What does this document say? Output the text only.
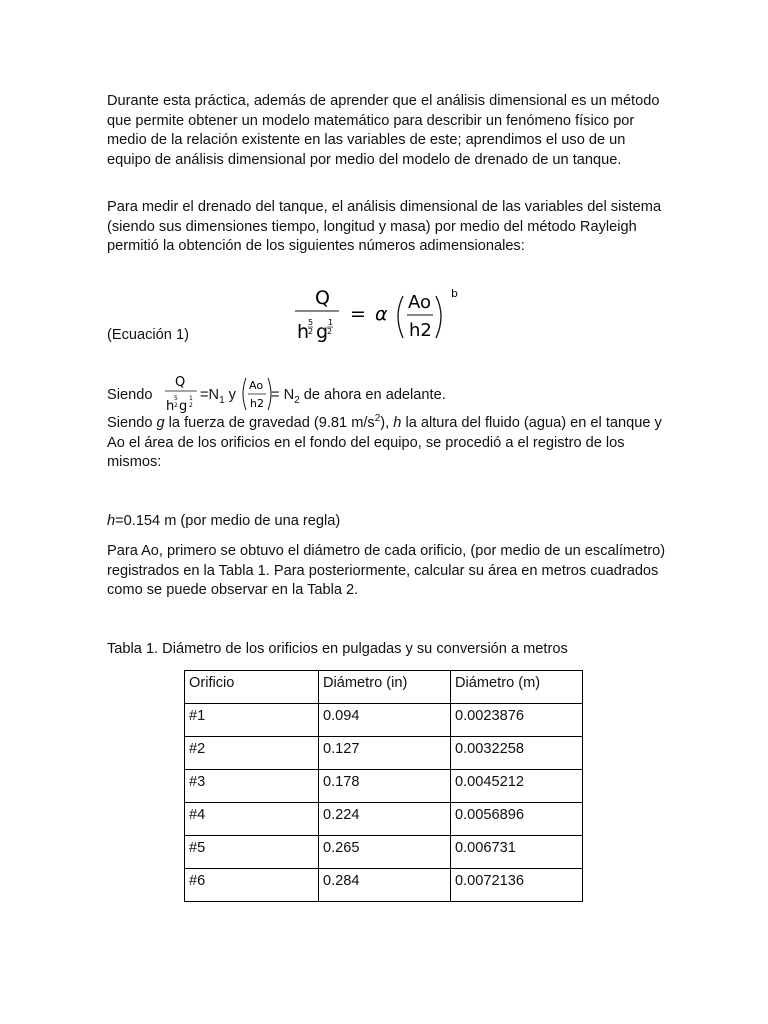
Durante esta práctica, además de aprender que el análisis dimensional es un método que permite obtener un modelo matemático para describir un fenómeno físico por medio de la relación existente en las variables de este; aprendimos el uso de un equipo de análisis dimensional por medio del modelo de drenado de un tanque.

Para medir el drenado del tanque, el análisis dimensional de las variables del sistema (siendo sus dimensiones tiempo, longitud y masa) por medio del método Rayleigh permitió la obtención de los siguientes números adimensionales:

(Ecuación 1)
Q
h
5
2 g 1
2
= α
Ao
h2
b
Siendo
Q
h
5
2 g
1
2
$=N_1$ y
Ao
h2
= $N_2$ de ahora en adelante.

Siendo g la fuerza de gravedad (9.81 $m/s^2$), h la altura del fluido (agua) en el tanque y Ao el área de los orificios en el fondo del equipo, se procedió a el registro de los mismos:

h=0.154 m (por medio de una regla)

Para Ao, primero se obtuvo el diámetro de cada orificio, (por medio de un escalímetro) registrados en la Tabla 1. Para posteriormente, calcular su área en metros cuadrados como se puede observar en la Tabla 2.

Tabla 1. Diámetro de los orificios en pulgadas y su conversión a metros

Orificio	Diámetro (in)	Diámetro (m)
#1	0.094	0.0023876
#2	0.127	0.0032258
#3	0.178	0.0045212
#4	0.224	0.0056896
#5	0.265	0.006731
#6	0.284	0.0072136
